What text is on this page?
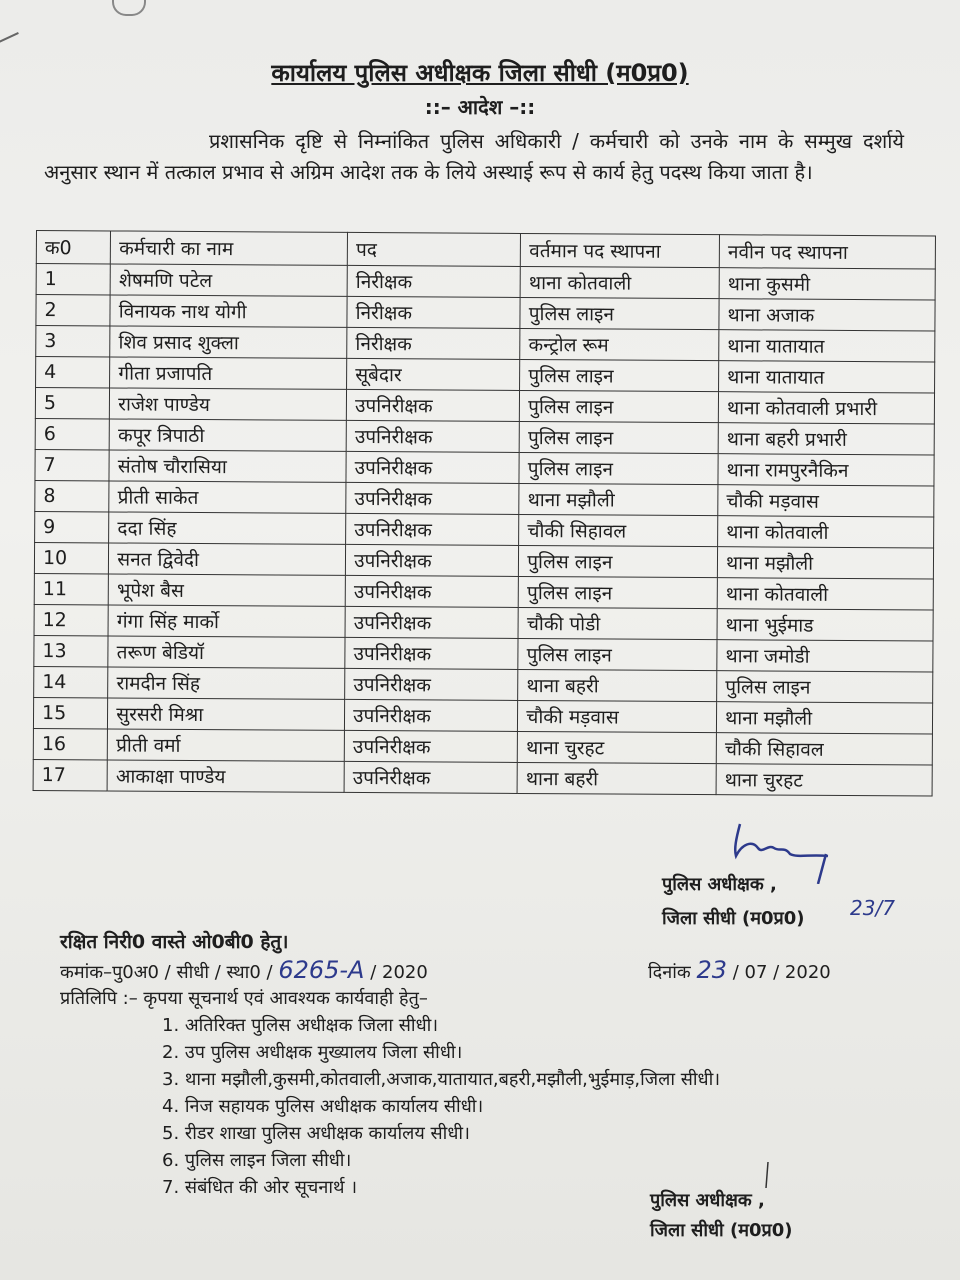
कार्यालय पुलिस अधीक्षक जिला सीधी (म0प्र0)
::– आदेश –::
प्रशासनिक दृष्टि से निम्नांकित पुलिस अधिकारी / कर्मचारी को उनके नाम के सम्मुख दर्शाये अनुसार स्थान में तत्काल प्रभाव से अग्रिम आदेश तक के लिये अस्थाई रूप से कार्य हेतु पदस्थ किया जाता है।
क0	कर्मचारी का नाम	पद	वर्तमान पद स्थापना	नवीन पद स्थापना
1	शेषमणि पटेल	निरीक्षक	थाना कोतवाली	थाना कुसमी
2	विनायक नाथ योगी	निरीक्षक	पुलिस लाइन	थाना अजाक
3	शिव प्रसाद शुक्ला	निरीक्षक	कन्ट्रोल रूम	थाना यातायात
4	गीता प्रजापति	सूबेदार	पुलिस लाइन	थाना यातायात
5	राजेश पाण्डेय	उपनिरीक्षक	पुलिस लाइन	थाना कोतवाली प्रभारी
6	कपूर त्रिपाठी	उपनिरीक्षक	पुलिस लाइन	थाना बहरी प्रभारी
7	संतोष चौरासिया	उपनिरीक्षक	पुलिस लाइन	थाना रामपुरनैकिन
8	प्रीती साकेत	उपनिरीक्षक	थाना मझौली	चौकी मड़वास
9	ददा सिंह	उपनिरीक्षक	चौकी सिहावल	थाना कोतवाली
10	सनत द्विवेदी	उपनिरीक्षक	पुलिस लाइन	थाना मझौली
11	भूपेश बैस	उपनिरीक्षक	पुलिस लाइन	थाना कोतवाली
12	गंगा सिंह मार्को	उपनिरीक्षक	चौकी पोडी	थाना भुईमाड
13	तरूण बेडियॉ	उपनिरीक्षक	पुलिस लाइन	थाना जमोडी
14	रामदीन सिंह	उपनिरीक्षक	थाना बहरी	पुलिस लाइन
15	सुरसरी मिश्रा	उपनिरीक्षक	चौकी मड़वास	थाना मझौली
16	प्रीती वर्मा	उपनिरीक्षक	थाना चुरहट	चौकी सिहावल
17	आकाक्षा पाण्डेय	उपनिरीक्षक	थाना बहरी	थाना चुरहट
पुलिस अधीक्षक ,
जिला सीधी (म0प्र0) 23/7
रक्षित निरी0 वास्ते ओ0बी0 हेतु।
कमांक–पु0अ0 / सीधी / स्था0 / 6265-A / 2020	दिनांक 23 / 07 / 2020
प्रतिलिपि :– कृपया सूचनार्थ एवं आवश्यक कार्यवाही हेतु–
1. अतिरिक्त पुलिस अधीक्षक जिला सीधी।
2. उप पुलिस अधीक्षक मुख्यालय जिला सीधी।
3. थाना मझौली,कुसमी,कोतवाली,अजाक,यातायात,बहरी,मझौली,भुईमाड़,जिला सीधी।
4. निज सहायक पुलिस अधीक्षक कार्यालय सीधी।
5. रीडर शाखा पुलिस अधीक्षक कार्यालय सीधी।
6. पुलिस लाइन जिला सीधी।
7. संबंधित की ओर सूचनार्थ ।
पुलिस अधीक्षक ,
जिला सीधी (म0प्र0)
